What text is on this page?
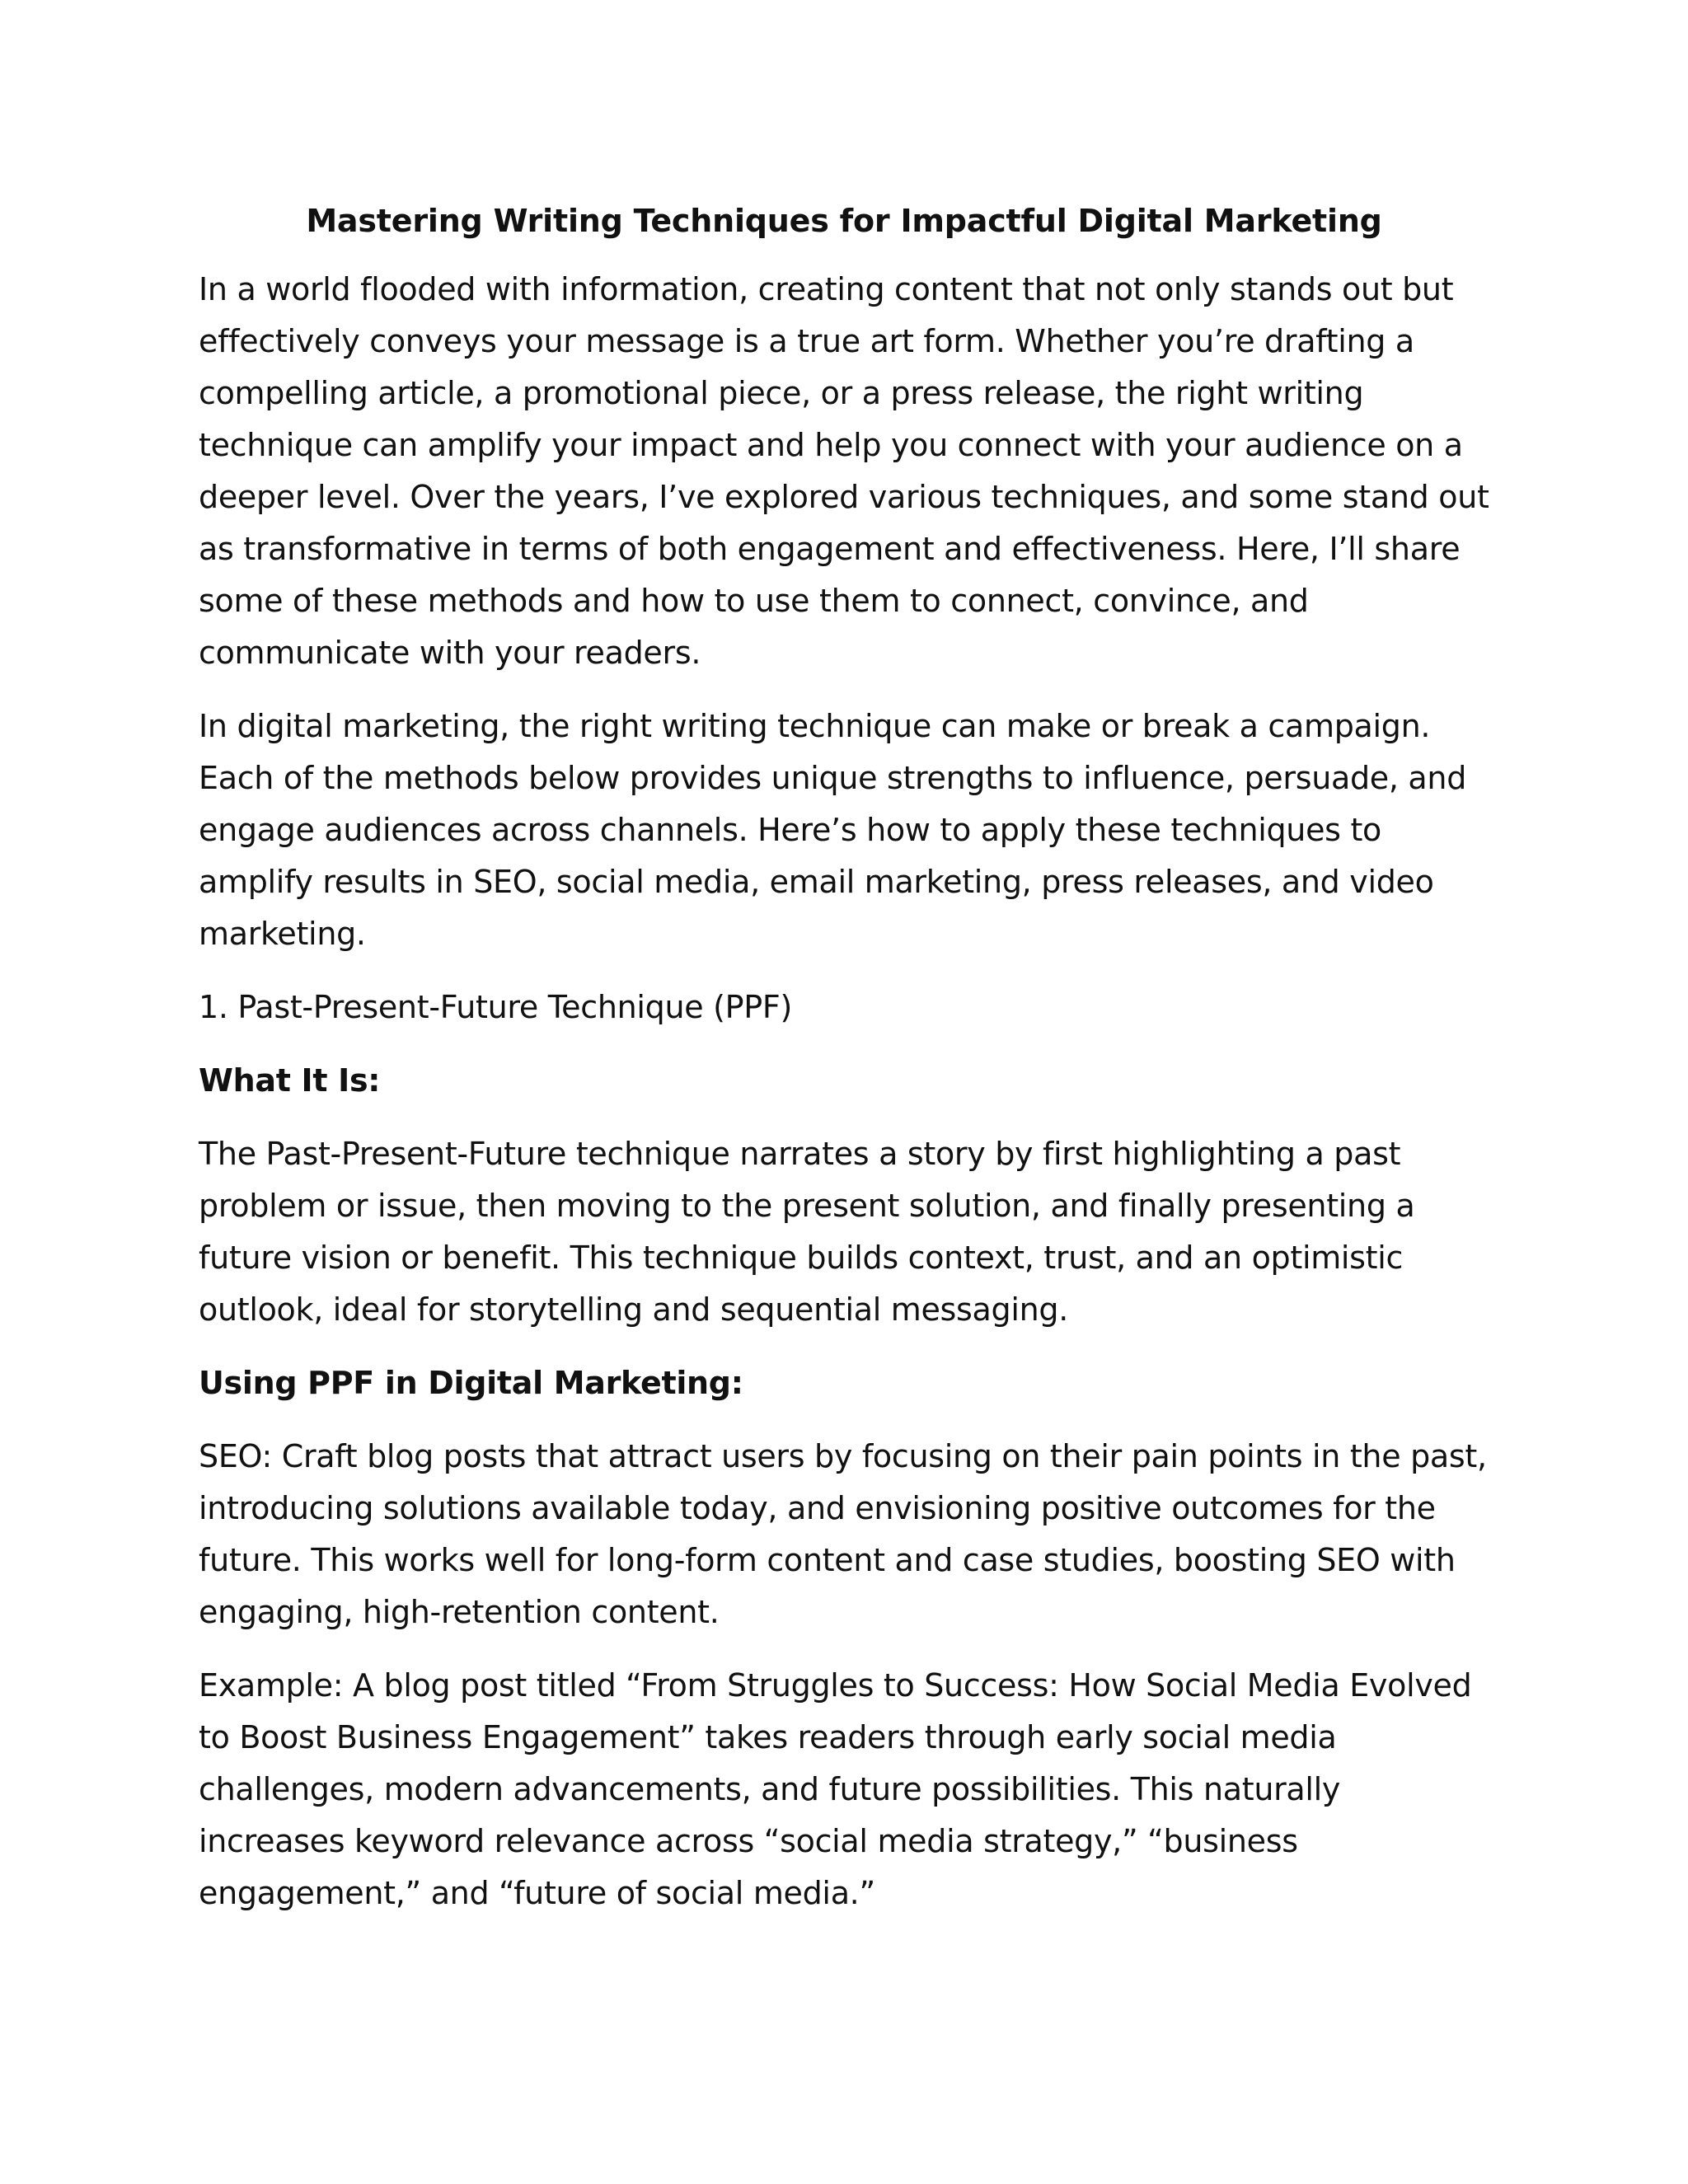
Mastering Writing Techniques for Impactful Digital Marketing

In a world flooded with information, creating content that not only stands out but effectively conveys your message is a true art form. Whether you’re drafting a compelling article, a promotional piece, or a press release, the right writing technique can amplify your impact and help you connect with your audience on a deeper level. Over the years, I’ve explored various techniques, and some stand out as transformative in terms of both engagement and effectiveness. Here, I’ll share some of these methods and how to use them to connect, convince, and communicate with your readers.

In digital marketing, the right writing technique can make or break a campaign. Each of the methods below provides unique strengths to influence, persuade, and engage audiences across channels. Here’s how to apply these techniques to amplify results in SEO, social media, email marketing, press releases, and video marketing.

1. Past-Present-Future Technique (PPF)

What It Is:

The Past-Present-Future technique narrates a story by first highlighting a past problem or issue, then moving to the present solution, and finally presenting a future vision or benefit. This technique builds context, trust, and an optimistic outlook, ideal for storytelling and sequential messaging.

Using PPF in Digital Marketing:

SEO: Craft blog posts that attract users by focusing on their pain points in the past, introducing solutions available today, and envisioning positive outcomes for the future. This works well for long-form content and case studies, boosting SEO with engaging, high-retention content.

Example: A blog post titled “From Struggles to Success: How Social Media Evolved to Boost Business Engagement” takes readers through early social media challenges, modern advancements, and future possibilities. This naturally increases keyword relevance across “social media strategy,” “business engagement,” and “future of social media.”
